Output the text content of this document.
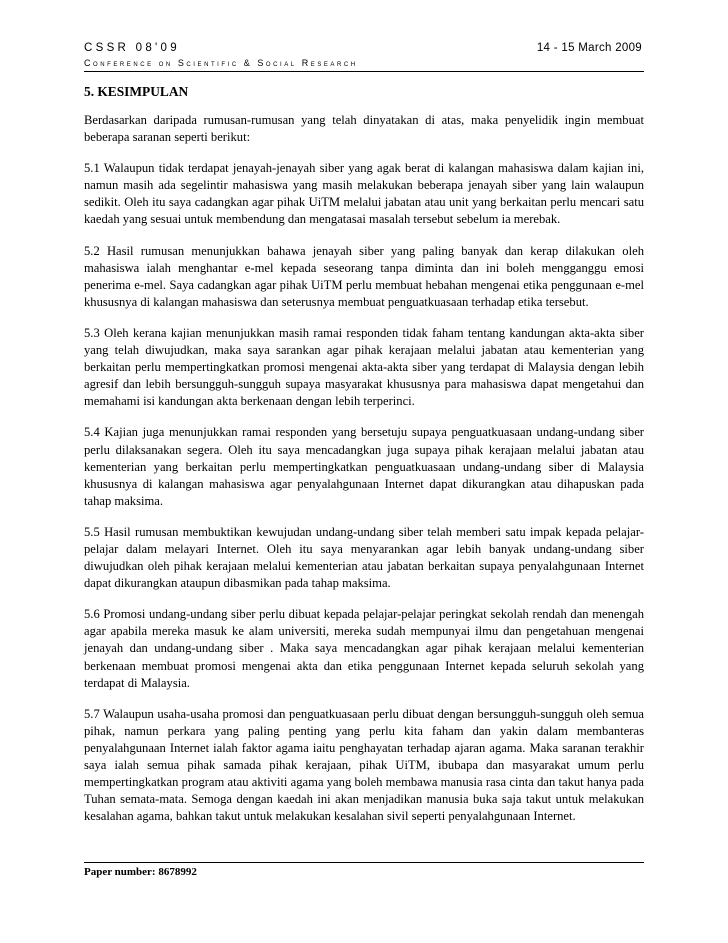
CSSR 08'09	14 - 15 March 2009
Conference on Scientific & Social Research
5. KESIMPULAN

Berdasarkan daripada rumusan-rumusan yang telah dinyatakan di atas, maka penyelidik ingin membuat beberapa saranan seperti berikut:

5.1 Walaupun tidak terdapat jenayah-jenayah siber yang agak berat di kalangan mahasiswa dalam kajian ini, namun masih ada segelintir mahasiswa yang masih melakukan beberapa jenayah siber yang lain walaupun sedikit. Oleh itu saya cadangkan agar pihak UiTM melalui jabatan atau unit yang berkaitan perlu mencari satu kaedah yang sesuai untuk membendung dan mengatasai masalah tersebut sebelum ia merebak.

5.2 Hasil rumusan menunjukkan bahawa jenayah siber yang paling banyak dan kerap dilakukan oleh mahasiswa ialah menghantar e-mel kepada seseorang tanpa diminta dan ini boleh mengganggu emosi penerima e-mel. Saya cadangkan agar pihak UiTM perlu membuat hebahan mengenai etika penggunaan e-mel khususnya di kalangan mahasiswa dan seterusnya membuat penguatkuasaan terhadap etika tersebut.

5.3 Oleh kerana kajian menunjukkan masih ramai responden tidak faham tentang kandungan akta-akta siber yang telah diwujudkan, maka saya sarankan agar pihak kerajaan melalui jabatan atau kementerian yang berkaitan perlu mempertingkatkan promosi mengenai akta-akta siber yang terdapat di Malaysia dengan lebih agresif dan lebih bersungguh-sungguh supaya masyarakat khususnya para mahasiswa dapat mengetahui dan memahami isi kandungan akta berkenaan dengan lebih terperinci.

5.4 Kajian juga menunjukkan ramai responden yang bersetuju supaya penguatkuasaan undang-undang siber perlu dilaksanakan segera. Oleh itu saya mencadangkan juga supaya pihak kerajaan melalui jabatan atau kementerian yang berkaitan perlu mempertingkatkan penguatkuasaan undang-undang siber di Malaysia khususnya di kalangan mahasiswa agar penyalahgunaan Internet dapat dikurangkan atau dihapuskan pada tahap maksima.

5.5 Hasil rumusan membuktikan kewujudan undang-undang siber telah memberi satu impak kepada pelajar-pelajar dalam melayari Internet. Oleh itu saya menyarankan agar lebih banyak undang-undang siber diwujudkan oleh pihak kerajaan melalui kementerian atau jabatan berkaitan supaya penyalahgunaan Internet dapat dikurangkan ataupun dibasmikan pada tahap maksima.

5.6 Promosi undang-undang siber perlu dibuat kepada pelajar-pelajar peringkat sekolah rendah dan menengah agar apabila mereka masuk ke alam universiti, mereka sudah mempunyai ilmu dan pengetahuan mengenai jenayah dan undang-undang siber . Maka saya mencadangkan agar pihak kerajaan melalui kementerian berkenaan membuat promosi mengenai akta dan etika penggunaan Internet kepada seluruh sekolah yang terdapat di Malaysia.

5.7 Walaupun usaha-usaha promosi dan penguatkuasaan perlu dibuat dengan bersungguh-sungguh oleh semua pihak, namun perkara yang paling penting yang perlu kita faham dan yakin dalam membanteras penyalahgunaan Internet ialah faktor agama iaitu penghayatan terhadap ajaran agama. Maka saranan terakhir saya ialah semua pihak samada pihak kerajaan, pihak UiTM, ibubapa dan masyarakat umum perlu mempertingkatkan program atau aktiviti agama yang boleh membawa manusia rasa cinta dan takut hanya pada Tuhan semata-mata. Semoga dengan kaedah ini akan menjadikan manusia buka saja takut untuk melakukan kesalahan agama, bahkan takut untuk melakukan kesalahan sivil seperti penyalahgunaan Internet.

Paper number: 8678992
